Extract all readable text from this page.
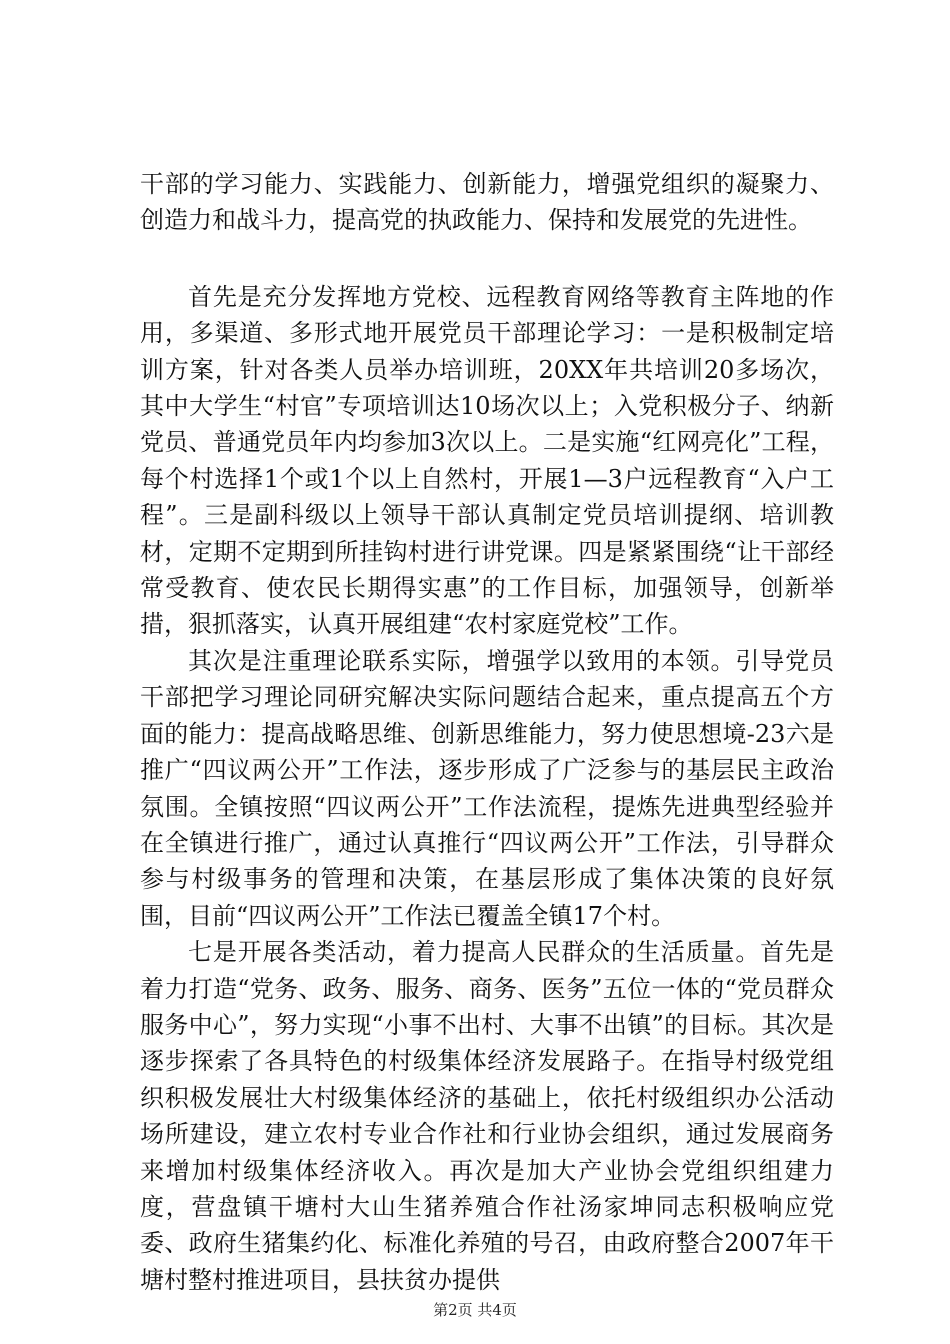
干部的学习能力、实践能力、创新能力，增强党组织的凝聚力、创造力和战斗力，提高党的执政能力、保持和发展党的先进性。

首先是充分发挥地方党校、远程教育网络等教育主阵地的作用，多渠道、多形式地开展党员干部理论学习：一是积极制定培训方案，针对各类人员举办培训班，20XX年共培训20多场次，其中大学生“村官”专项培训达10场次以上；入党积极分子、纳新党员、普通党员年内均参加3次以上。二是实施“红网亮化”工程，每个村选择1个或1个以上自然村，开展1—3户远程教育“入户工程”。三是副科级以上领导干部认真制定党员培训提纲、培训教材，定期不定期到所挂钩村进行讲党课。四是紧紧围绕“让干部经常受教育、使农民长期得实惠”的工作目标，加强领导，创新举措，狠抓落实，认真开展组建“农村家庭党校”工作。

其次是注重理论联系实际，增强学以致用的本领。引导党员干部把学习理论同研究解决实际问题结合起来，重点提高五个方面的能力：提高战略思维、创新思维能力，努力使思想境-23六是推广“四议两公开”工作法，逐步形成了广泛参与的基层民主政治氛围。全镇按照“四议两公开”工作法流程，提炼先进典型经验并在全镇进行推广，通过认真推行“四议两公开”工作法，引导群众参与村级事务的管理和决策，在基层形成了集体决策的良好氛围，目前“四议两公开”工作法已覆盖全镇17个村。

七是开展各类活动，着力提高人民群众的生活质量。首先是着力打造“党务、政务、服务、商务、医务”五位一体的“党员群众服务中心”，努力实现“小事不出村、大事不出镇”的目标。其次是逐步探索了各具特色的村级集体经济发展路子。在指导村级党组织积极发展壮大村级集体经济的基础上，依托村级组织办公活动场所建设，建立农村专业合作社和行业协会组织，通过发展商务来增加村级集体经济收入。再次是加大产业协会党组织组建力度，营盘镇干塘村大山生猪养殖合作社汤家坤同志积极响应党委、政府生猪集约化、标准化养殖的号召，由政府整合2007年干塘村整村推进项目，县扶贫办提供

第2页 共4页
